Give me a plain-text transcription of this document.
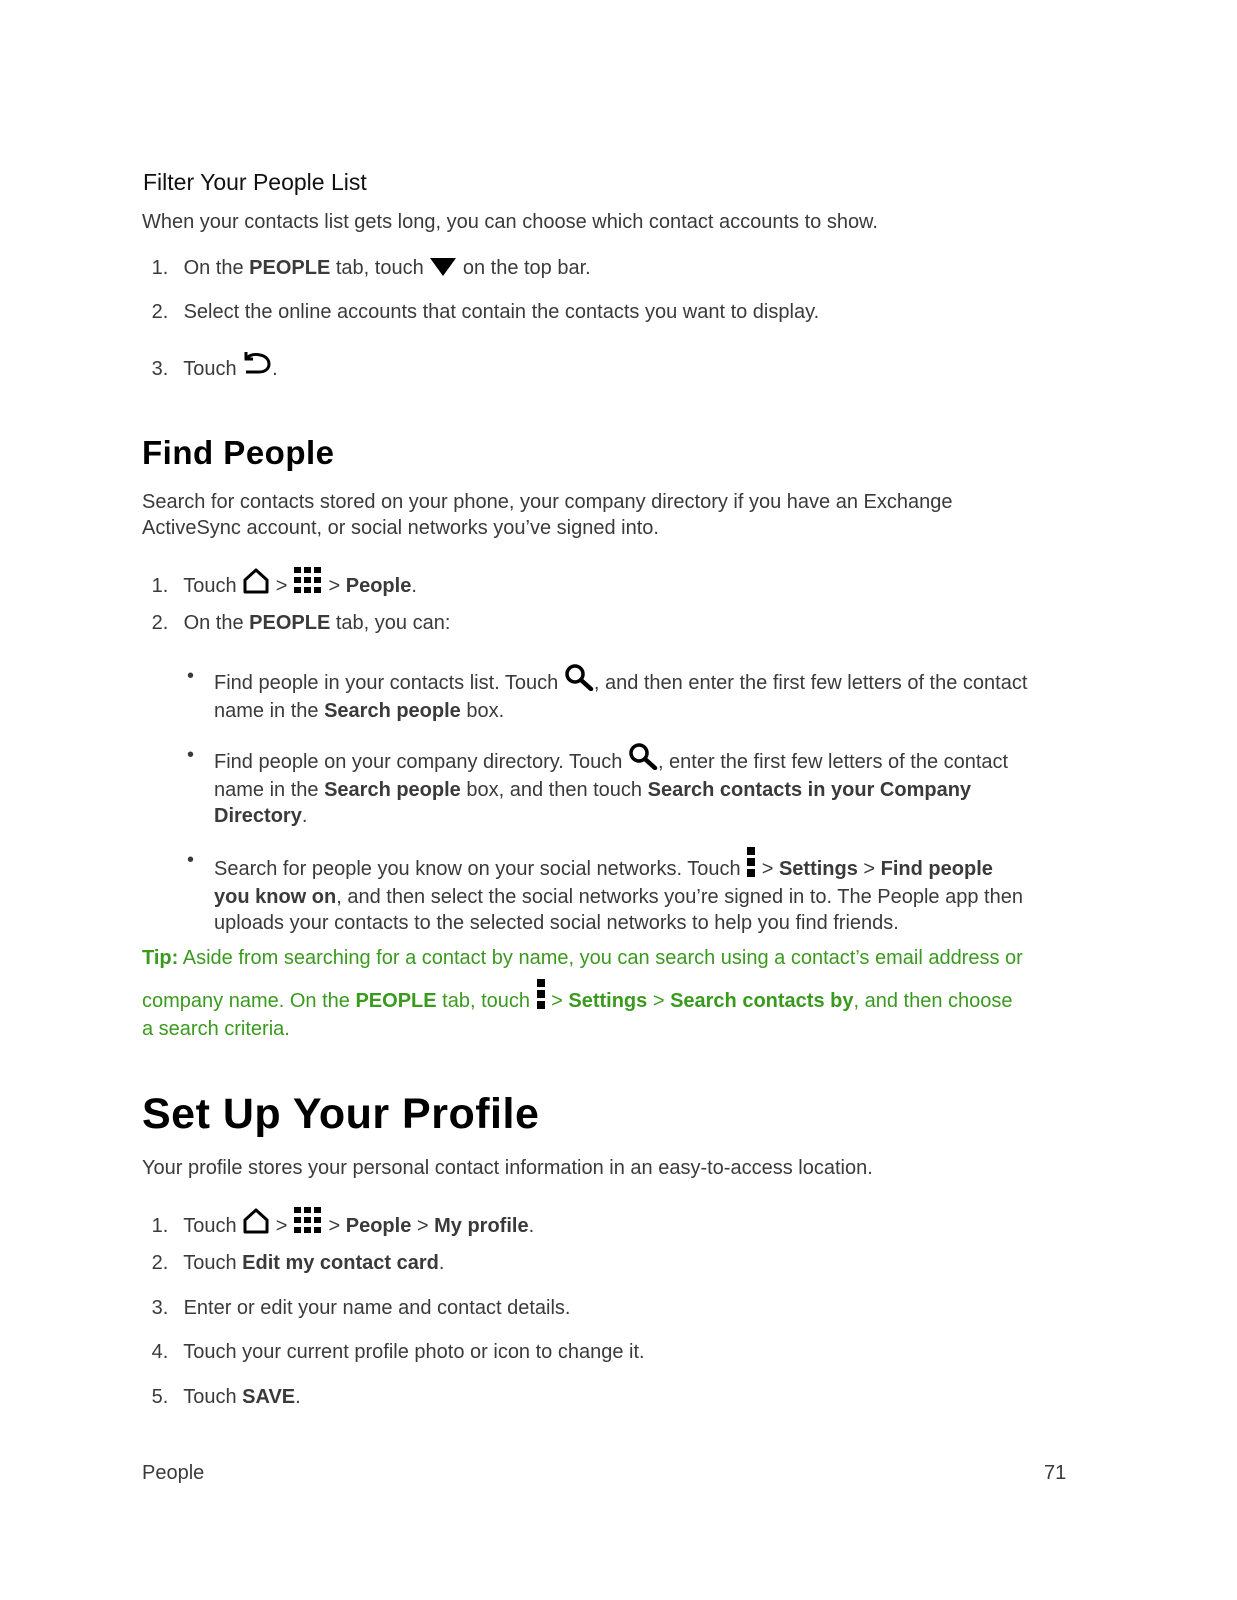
Filter Your People List
When your contacts list gets long, you can choose which contact accounts to show.
1. On the PEOPLE tab, touch  on the top bar.
2. Select the online accounts that contain the contacts you want to display.
3. Touch .
Find People
Search for contacts stored on your phone, your company directory if you have an Exchange
ActiveSync account, or social networks you’ve signed into.
1. Touch  >  > People.
2. On the PEOPLE tab, you can:
• Find people in your contacts list. Touch , and then enter the first few letters of the contact
name in the Search people box.
• Find people on your company directory. Touch , enter the first few letters of the contact
name in the Search people box, and then touch Search contacts in your Company
Directory.
• Search for people you know on your social networks. Touch  > Settings > Find people
you know on, and then select the social networks you’re signed in to. The People app then
uploads your contacts to the selected social networks to help you find friends.
Tip: Aside from searching for a contact by name, you can search using a contact’s email address or
company name. On the PEOPLE tab, touch  > Settings > Search contacts by, and then choose
a search criteria.
Set Up Your Profile
Your profile stores your personal contact information in an easy-to-access location.
1. Touch  >  > People > My profile.
2. Touch Edit my contact card.
3. Enter or edit your name and contact details.
4. Touch your current profile photo or icon to change it.
5. Touch SAVE.
People	71
